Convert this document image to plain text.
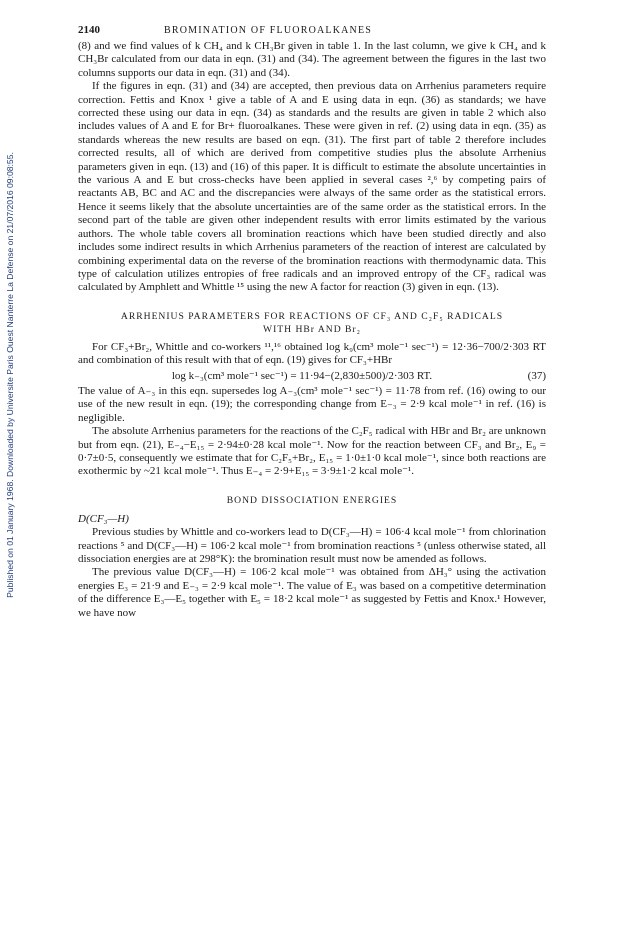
Published on 01 January 1968. Downloaded by Universite Paris Ouest Nanterre La Defense on 21/07/2016 09:08:55.
2140	BROMINATION OF FLUOROALKANES

(8) and we find values of k CH₄ and k CH₃Br given in table 1. In the last column, we give k CH₄ and k CH₃Br calculated from our data in eqn. (31) and (34). The agreement between the figures in the last two columns supports our data in eqn. (31) and (34).

If the figures in eqn. (31) and (34) are accepted, then previous data on Arrhenius parameters require correction. Fettis and Knox ¹ give a table of A and E using data in eqn. (36) as standards; we have corrected these using our data in eqn. (34) as standards and the results are given in table 2 which also includes values of A and E for Br+ fluoroalkanes. These were given in ref. (2) using data in eqn. (35) as standards whereas the new results are based on eqn. (31). The first part of table 2 therefore includes corrected results, all of which are derived from competitive studies plus the absolute Arrhenius parameters given in eqn. (13) and (16) of this paper. It is difficult to estimate the absolute uncertainties in the various A and E but cross-checks have been applied in several cases ²,⁶ by competing pairs of reactants AB, BC and AC and the discrepancies were always of the same order as the statistical errors. Hence it seems likely that the absolute uncertainties are of the same order as the statistical errors. In the second part of the table are given other independent results with error limits estimated by the various authors. The whole table covers all bromination reactions which have been studied directly and also includes some indirect results in which Arrhenius parameters of the reaction of interest are calculated by combining experimental data on the reverse of the bromination reactions with thermodynamic data. This type of calculation utilizes entropies of free radicals and an improved entropy of the CF₃ radical was calculated by Amphlett and Whittle ¹⁵ using the new A factor for reaction (3) given in eqn. (13).

ARRHENIUS PARAMETERS FOR REACTIONS OF CF₃ AND C₂F₅ RADICALS
WITH HBr AND Br₂

For CF₃+Br₂, Whittle and co-workers ¹¹,¹⁶ obtained log k₉(cm³ mole⁻¹ sec⁻¹) = 12·36−700/2·303 RT and combination of this result with that of eqn. (19) gives for CF₃+HBr

log k₋₃(cm³ mole⁻¹ sec⁻¹) = 11·94−(2,830±500)/2·303 RT.	(37)

The value of A₋₃ in this eqn. supersedes log A₋₃(cm³ mole⁻¹ sec⁻¹) = 11·78 from ref. (16) owing to our use of the new result in eqn. (19); the corresponding change from E₋₃ = 2·9 kcal mole⁻¹ in ref. (16) is negligible.

The absolute Arrhenius parameters for the reactions of the C₂F₅ radical with HBr and Br₂ are unknown but from eqn. (21), E₋₄−E₁₅ = 2·94±0·28 kcal mole⁻¹. Now for the reaction between CF₃ and Br₂, E₉ = 0·7±0·5, consequently we estimate that for C₂F₅+Br₂, E₁₅ = 1·0±1·0 kcal mole⁻¹, since both reactions are exothermic by ~21 kcal mole⁻¹. Thus E₋₄ = 2·9+E₁₅ = 3·9±1·2 kcal mole⁻¹.

BOND DISSOCIATION ENERGIES
D(CF₃—H)

Previous studies by Whittle and co-workers lead to D(CF₃—H) = 106·4 kcal mole⁻¹ from chlorination reactions ⁵ and D(CF₃—H) = 106·2 kcal mole⁻¹ from bromination reactions ⁵ (unless otherwise stated, all dissociation energies are at 298°K): the bromination result must now be amended as follows.

The previous value D(CF₃—H) = 106·2 kcal mole⁻¹ was obtained from ΔH₃° using the activation energies E₃ = 21·9 and E₋₃ = 2·9 kcal mole⁻¹. The value of E₃ was based on a competitive determination of the difference E₃—E₅ together with E₅ = 18·2 kcal mole⁻¹ as suggested by Fettis and Knox.¹ However, we have now
